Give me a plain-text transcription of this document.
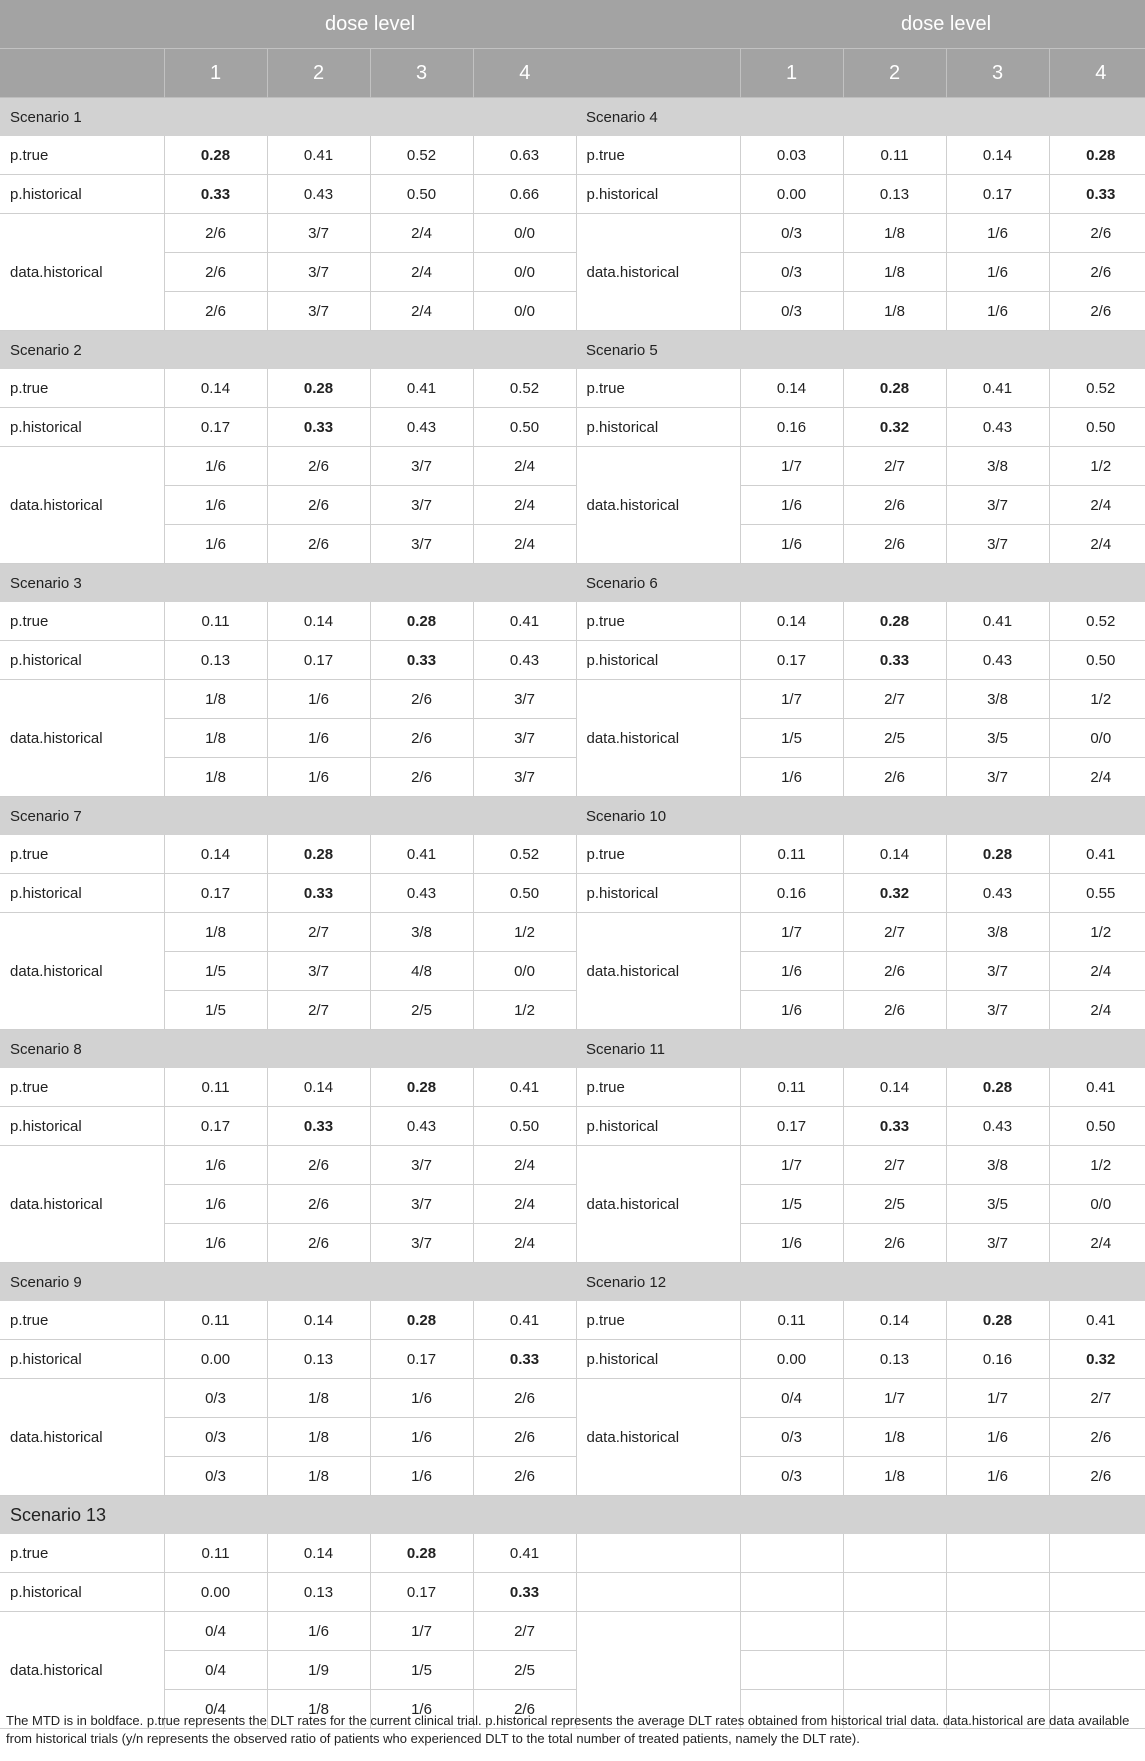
	dose level					dose level			
	1	2	3	4		1	2	3	4
Scenario 1					Scenario 4				
p.true	0.28	0.41	0.52	0.63	p.true	0.03	0.11	0.14	0.28
p.historical	0.33	0.43	0.50	0.66	p.historical	0.00	0.13	0.17	0.33
data.historical	2/6	3/7	2/4	0/0	data.historical	0/3	1/8	1/6	2/6
	2/6	3/7	2/4	0/0		0/3	1/8	1/6	2/6
	2/6	3/7	2/4	0/0		0/3	1/8	1/6	2/6
Scenario 2					Scenario 5				
p.true	0.14	0.28	0.41	0.52	p.true	0.14	0.28	0.41	0.52
p.historical	0.17	0.33	0.43	0.50	p.historical	0.16	0.32	0.43	0.50
data.historical	1/6	2/6	3/7	2/4	data.historical	1/7	2/7	3/8	1/2
	1/6	2/6	3/7	2/4		1/6	2/6	3/7	2/4
	1/6	2/6	3/7	2/4		1/6	2/6	3/7	2/4
Scenario 3					Scenario 6				
p.true	0.11	0.14	0.28	0.41	p.true	0.14	0.28	0.41	0.52
p.historical	0.13	0.17	0.33	0.43	p.historical	0.17	0.33	0.43	0.50
data.historical	1/8	1/6	2/6	3/7	data.historical	1/7	2/7	3/8	1/2
	1/8	1/6	2/6	3/7		1/5	2/5	3/5	0/0
	1/8	1/6	2/6	3/7		1/6	2/6	3/7	2/4
Scenario 7					Scenario 10				
p.true	0.14	0.28	0.41	0.52	p.true	0.11	0.14	0.28	0.41
p.historical	0.17	0.33	0.43	0.50	p.historical	0.16	0.32	0.43	0.55
data.historical	1/8	2/7	3/8	1/2	data.historical	1/7	2/7	3/8	1/2
	1/5	3/7	4/8	0/0		1/6	2/6	3/7	2/4
	1/5	2/7	2/5	1/2		1/6	2/6	3/7	2/4
Scenario 8					Scenario 11				
p.true	0.11	0.14	0.28	0.41	p.true	0.11	0.14	0.28	0.41
p.historical	0.17	0.33	0.43	0.50	p.historical	0.17	0.33	0.43	0.50
data.historical	1/6	2/6	3/7	2/4	data.historical	1/7	2/7	3/8	1/2
	1/6	2/6	3/7	2/4		1/5	2/5	3/5	0/0
	1/6	2/6	3/7	2/4		1/6	2/6	3/7	2/4
Scenario 9					Scenario 12				
p.true	0.11	0.14	0.28	0.41	p.true	0.11	0.14	0.28	0.41
p.historical	0.00	0.13	0.17	0.33	p.historical	0.00	0.13	0.16	0.32
data.historical	0/3	1/8	1/6	2/6	data.historical	0/4	1/7	1/7	2/7
	0/3	1/8	1/6	2/6		0/3	1/8	1/6	2/6
	0/3	1/8	1/6	2/6		0/3	1/8	1/6	2/6
Scenario 13									
p.true	0.11	0.14	0.28	0.41					
p.historical	0.00	0.13	0.17	0.33					
data.historical	0/4	1/6	1/7	2/7					
	0/4	1/9	1/5	2/5					
	0/4	1/8	1/6	2/6					
The MTD is in boldface. p.true represents the DLT rates for the current clinical trial. p.historical represents the average DLT rates obtained from historical trial data. data.historical are data available from historical trials (y/n represents the observed ratio of patients who experienced DLT to the total number of treated patients, namely the DLT rate).
